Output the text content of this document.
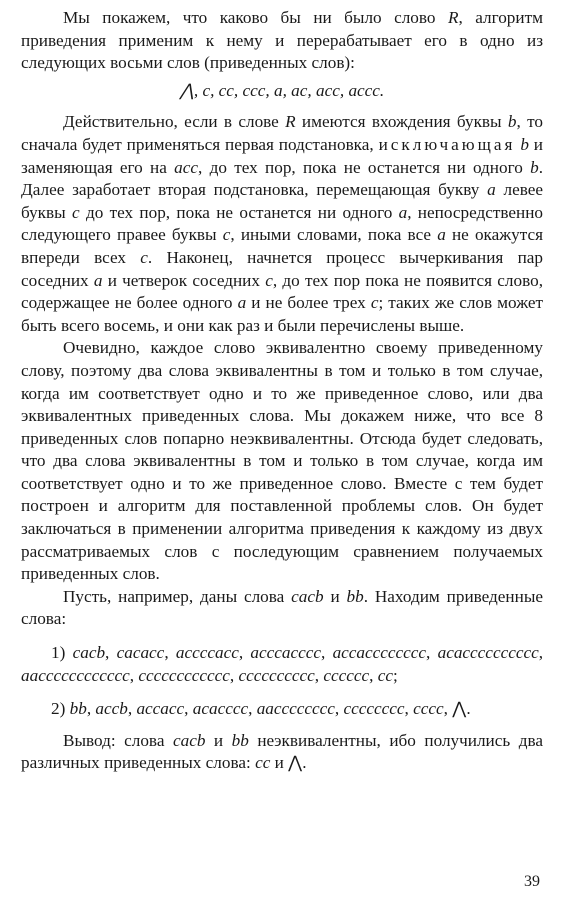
Мы покажем, что каково бы ни было слово R, алгоритм приведения применим к нему и перерабатывает его в одно из следующих восьми слов (приведенных слов):

⋀, c, cc, ccc, a, ac, acc, accc.

Действительно, если в слове R имеются вхождения буквы b, то сначала будет применяться первая подстановка, исключающая b и заменяющая его на acc, до тех пор, пока не останется ни одного b. Далее заработает вторая подстановка, перемещающая букву a левее буквы c до тех пор, пока не останется ни одного a, непосредственно следующего правее буквы c, иными словами, пока все a не окажутся впереди всех c. Наконец, начнется процесс вычеркивания пар соседних a и четверок соседних c, до тех пор пока не появится слово, содержащее не более одного a и не более трех c; таких же слов может быть всего восемь, и они как раз и были перечислены выше.

Очевидно, каждое слово эквивалентно своему приведенному слову, поэтому два слова эквивалентны в том и только в том случае, когда им соответствует одно и то же приведенное слово, или два эквивалентных приведенных слова. Мы докажем ниже, что все 8 приведенных слов попарно неэквивалентны. Отсюда будет следовать, что два слова эквивалентны в том и только в том случае, когда им соответствует одно и то же приведенное слово. Вместе с тем будет построен и алгоритм для поставленной проблемы слов. Он будет заключаться в применении алгоритма приведения к каждому из двух рассматриваемых слов с последующим сравнением получаемых приведенных слов.

Пусть, например, даны слова cacb и bb. Находим приведенные слова:

1) cacb, cacacc, accccacc, acccacccc, accacccccccc, acacccccccccc, aacccccccccccc, cccccccccccc, cccccccccc, cccccc, cc;

2) bb, accb, accacc, acacccc, aacccccccc, cccccccc, cccc, ⋀.

Вывод: слова cacb и bb неэквивалентны, ибо получились два различных приведенных слова: cc и ⋀.

39
